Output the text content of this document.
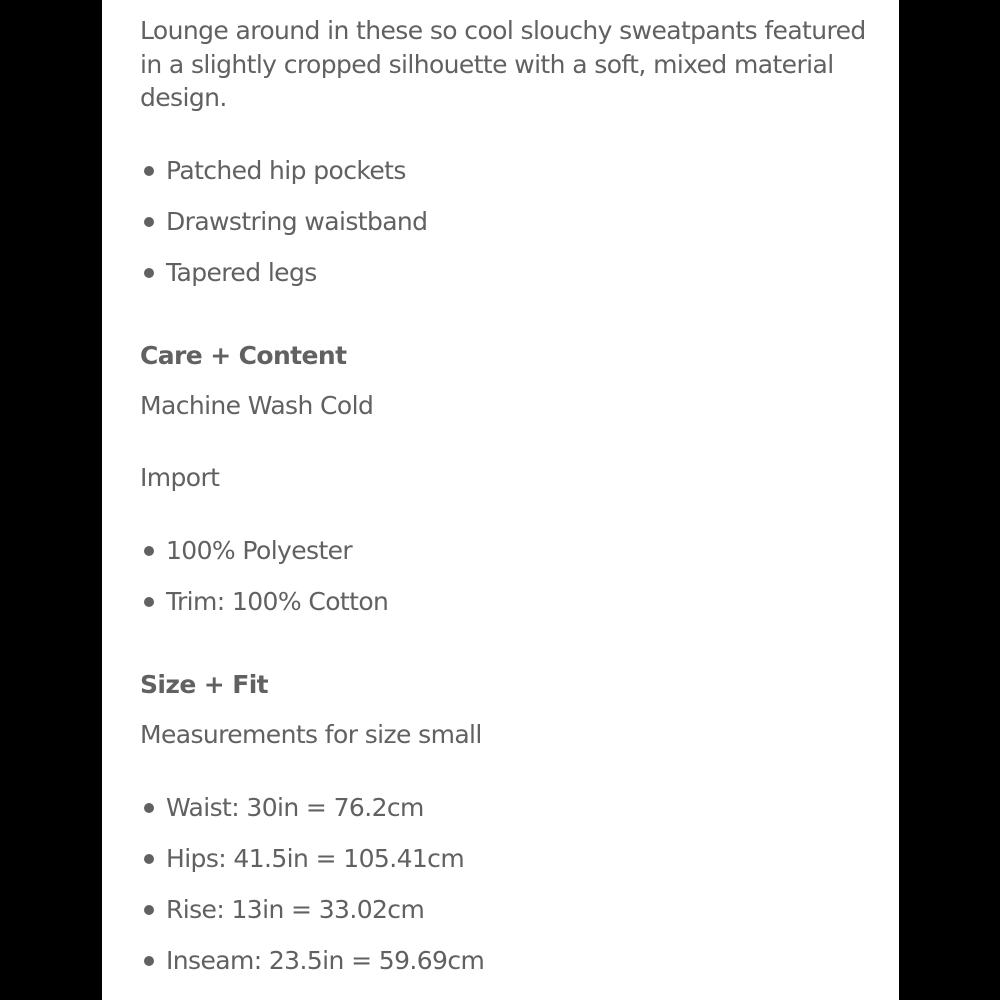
Lounge around in these so cool slouchy sweatpants featured in a slightly cropped silhouette with a soft, mixed material design.

Patched hip pockets
Drawstring waistband
Tapered legs
Care + Content

Machine Wash Cold

Import

100% Polyester
Trim: 100% Cotton
Size + Fit

Measurements for size small

Waist: 30in = 76.2cm
Hips: 41.5in = 105.41cm
Rise: 13in = 33.02cm
Inseam: 23.5in = 59.69cm
